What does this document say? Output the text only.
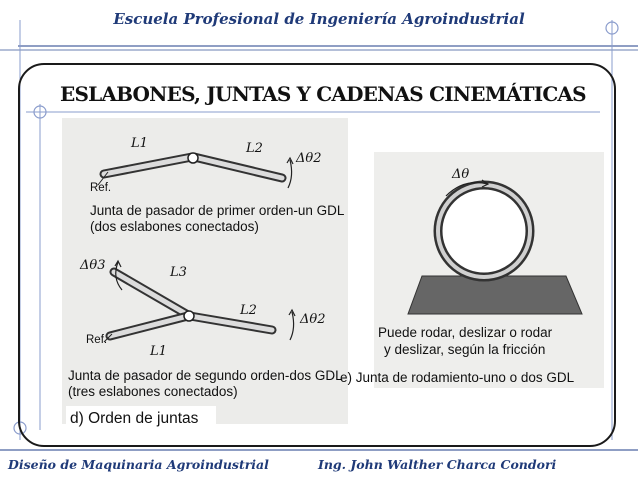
Escuela Profesional de Ingeniería Agroindustrial
ESLABONES, JUNTAS Y CADENAS CINEMÁTICAS
L1	L2
Δθ2
Ref.
Junta de pasador de primer orden-un GDL
(dos eslabones conectados)
Δθ3	L3
L2
Δθ2
Ref.
L1
Junta de pasador de segundo orden-dos GDL
(tres eslabones conectados)
d) Orden de juntas
Δθ
Puede rodar, deslizar o rodar
y deslizar, según la fricción
e) Junta de rodamiento-uno o dos GDL
Diseño de Maquinaria Agroindustrial	Ing. John Walther Charca Condori
